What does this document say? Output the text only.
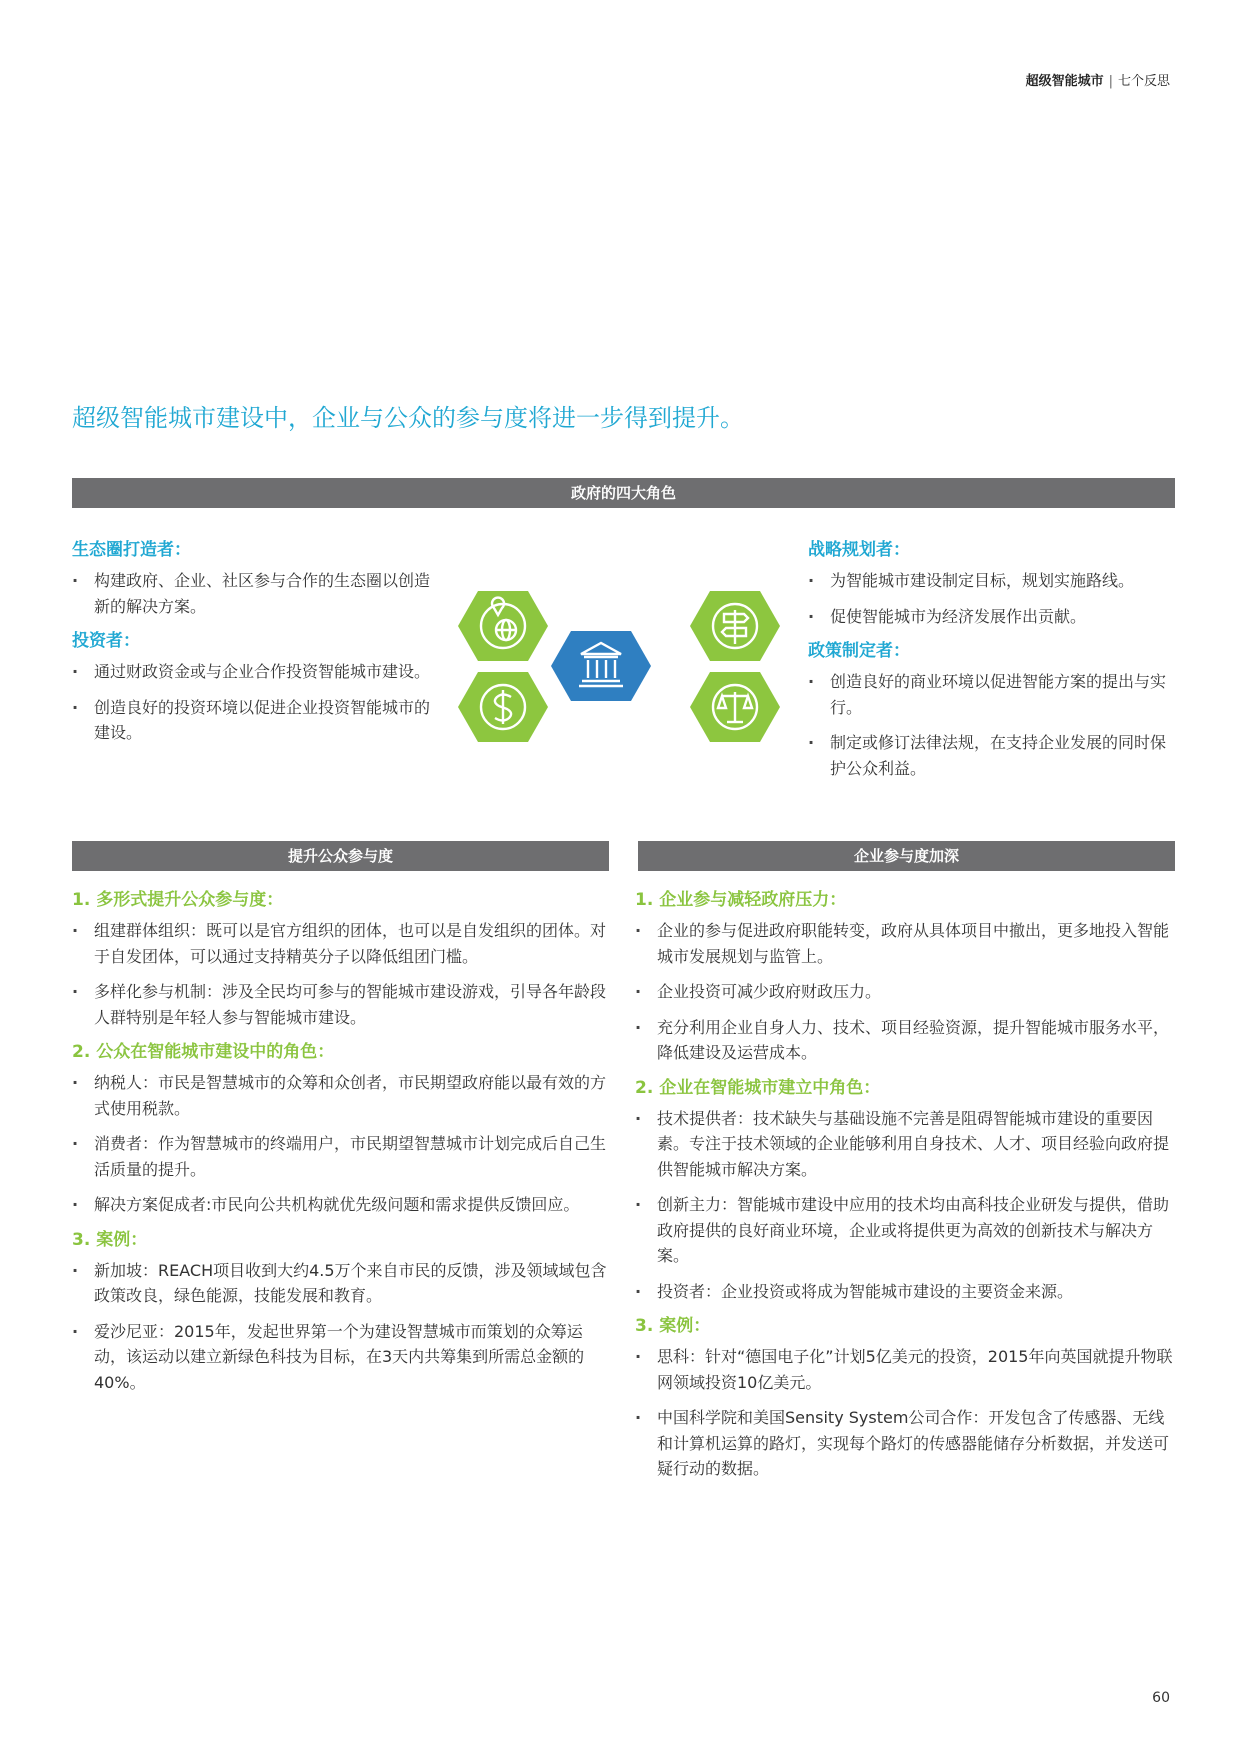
超级智能城市 | 七个反思
超级智能城市建设中，企业与公众的参与度将进一步得到提升。
政府的四大角色
生态圈打造者：
· 构建政府、企业、社区参与合作的生态圈以创造新的解决方案。
投资者：
· 通过财政资金或与企业合作投资智能城市建设。
· 创造良好的投资环境以促进企业投资智能城市的建设。
战略规划者：
· 为智能城市建设制定目标，规划实施路线。
· 促使智能城市为经济发展作出贡献。
政策制定者：
· 创造良好的商业环境以促进智能方案的提出与实行。
· 制定或修订法律法规，在支持企业发展的同时保护公众利益。
提升公众参与度	企业参与度加深
1. 多形式提升公众参与度：
· 组建群体组织：既可以是官方组织的团体，也可以是自发组织的团体。对于自发团体，可以通过支持精英分子以降低组团门槛。
· 多样化参与机制：涉及全民均可参与的智能城市建设游戏，引导各年龄段人群特别是年轻人参与智能城市建设。
2. 公众在智能城市建设中的角色：
· 纳税人：市民是智慧城市的众筹和众创者，市民期望政府能以最有效的方式使用税款。
· 消费者：作为智慧城市的终端用户，市民期望智慧城市计划完成后自己生活质量的提升。
· 解决方案促成者:市民向公共机构就优先级问题和需求提供反馈回应。
3. 案例：
· 新加坡：REACH项目收到大约4.5万个来自市民的反馈，涉及领域域包含政策改良，绿色能源，技能发展和教育。
· 爱沙尼亚：2015年，发起世界第一个为建设智慧城市而策划的众筹运动，该运动以建立新绿色科技为目标，在3天内共筹集到所需总金额的40%。
1. 企业参与减轻政府压力：
· 企业的参与促进政府职能转变，政府从具体项目中撤出，更多地投入智能城市发展规划与监管上。
· 企业投资可减少政府财政压力。
· 充分利用企业自身人力、技术、项目经验资源，提升智能城市服务水平，降低建设及运营成本。
2. 企业在智能城市建立中角色：
· 技术提供者：技术缺失与基础设施不完善是阻碍智能城市建设的重要因素。专注于技术领域的企业能够利用自身技术、人才、项目经验向政府提供智能城市解决方案。
· 创新主力：智能城市建设中应用的技术均由高科技企业研发与提供，借助政府提供的良好商业环境，企业或将提供更为高效的创新技术与解决方案。
· 投资者：企业投资或将成为智能城市建设的主要资金来源。
3. 案例：
· 思科：针对“德国电子化”计划5亿美元的投资，2015年向英国就提升物联网领域投资10亿美元。
· 中国科学院和美国Sensity System公司合作：开发包含了传感器、无线和计算机运算的路灯，实现每个路灯的传感器能储存分析数据，并发送可疑行动的数据。
60
